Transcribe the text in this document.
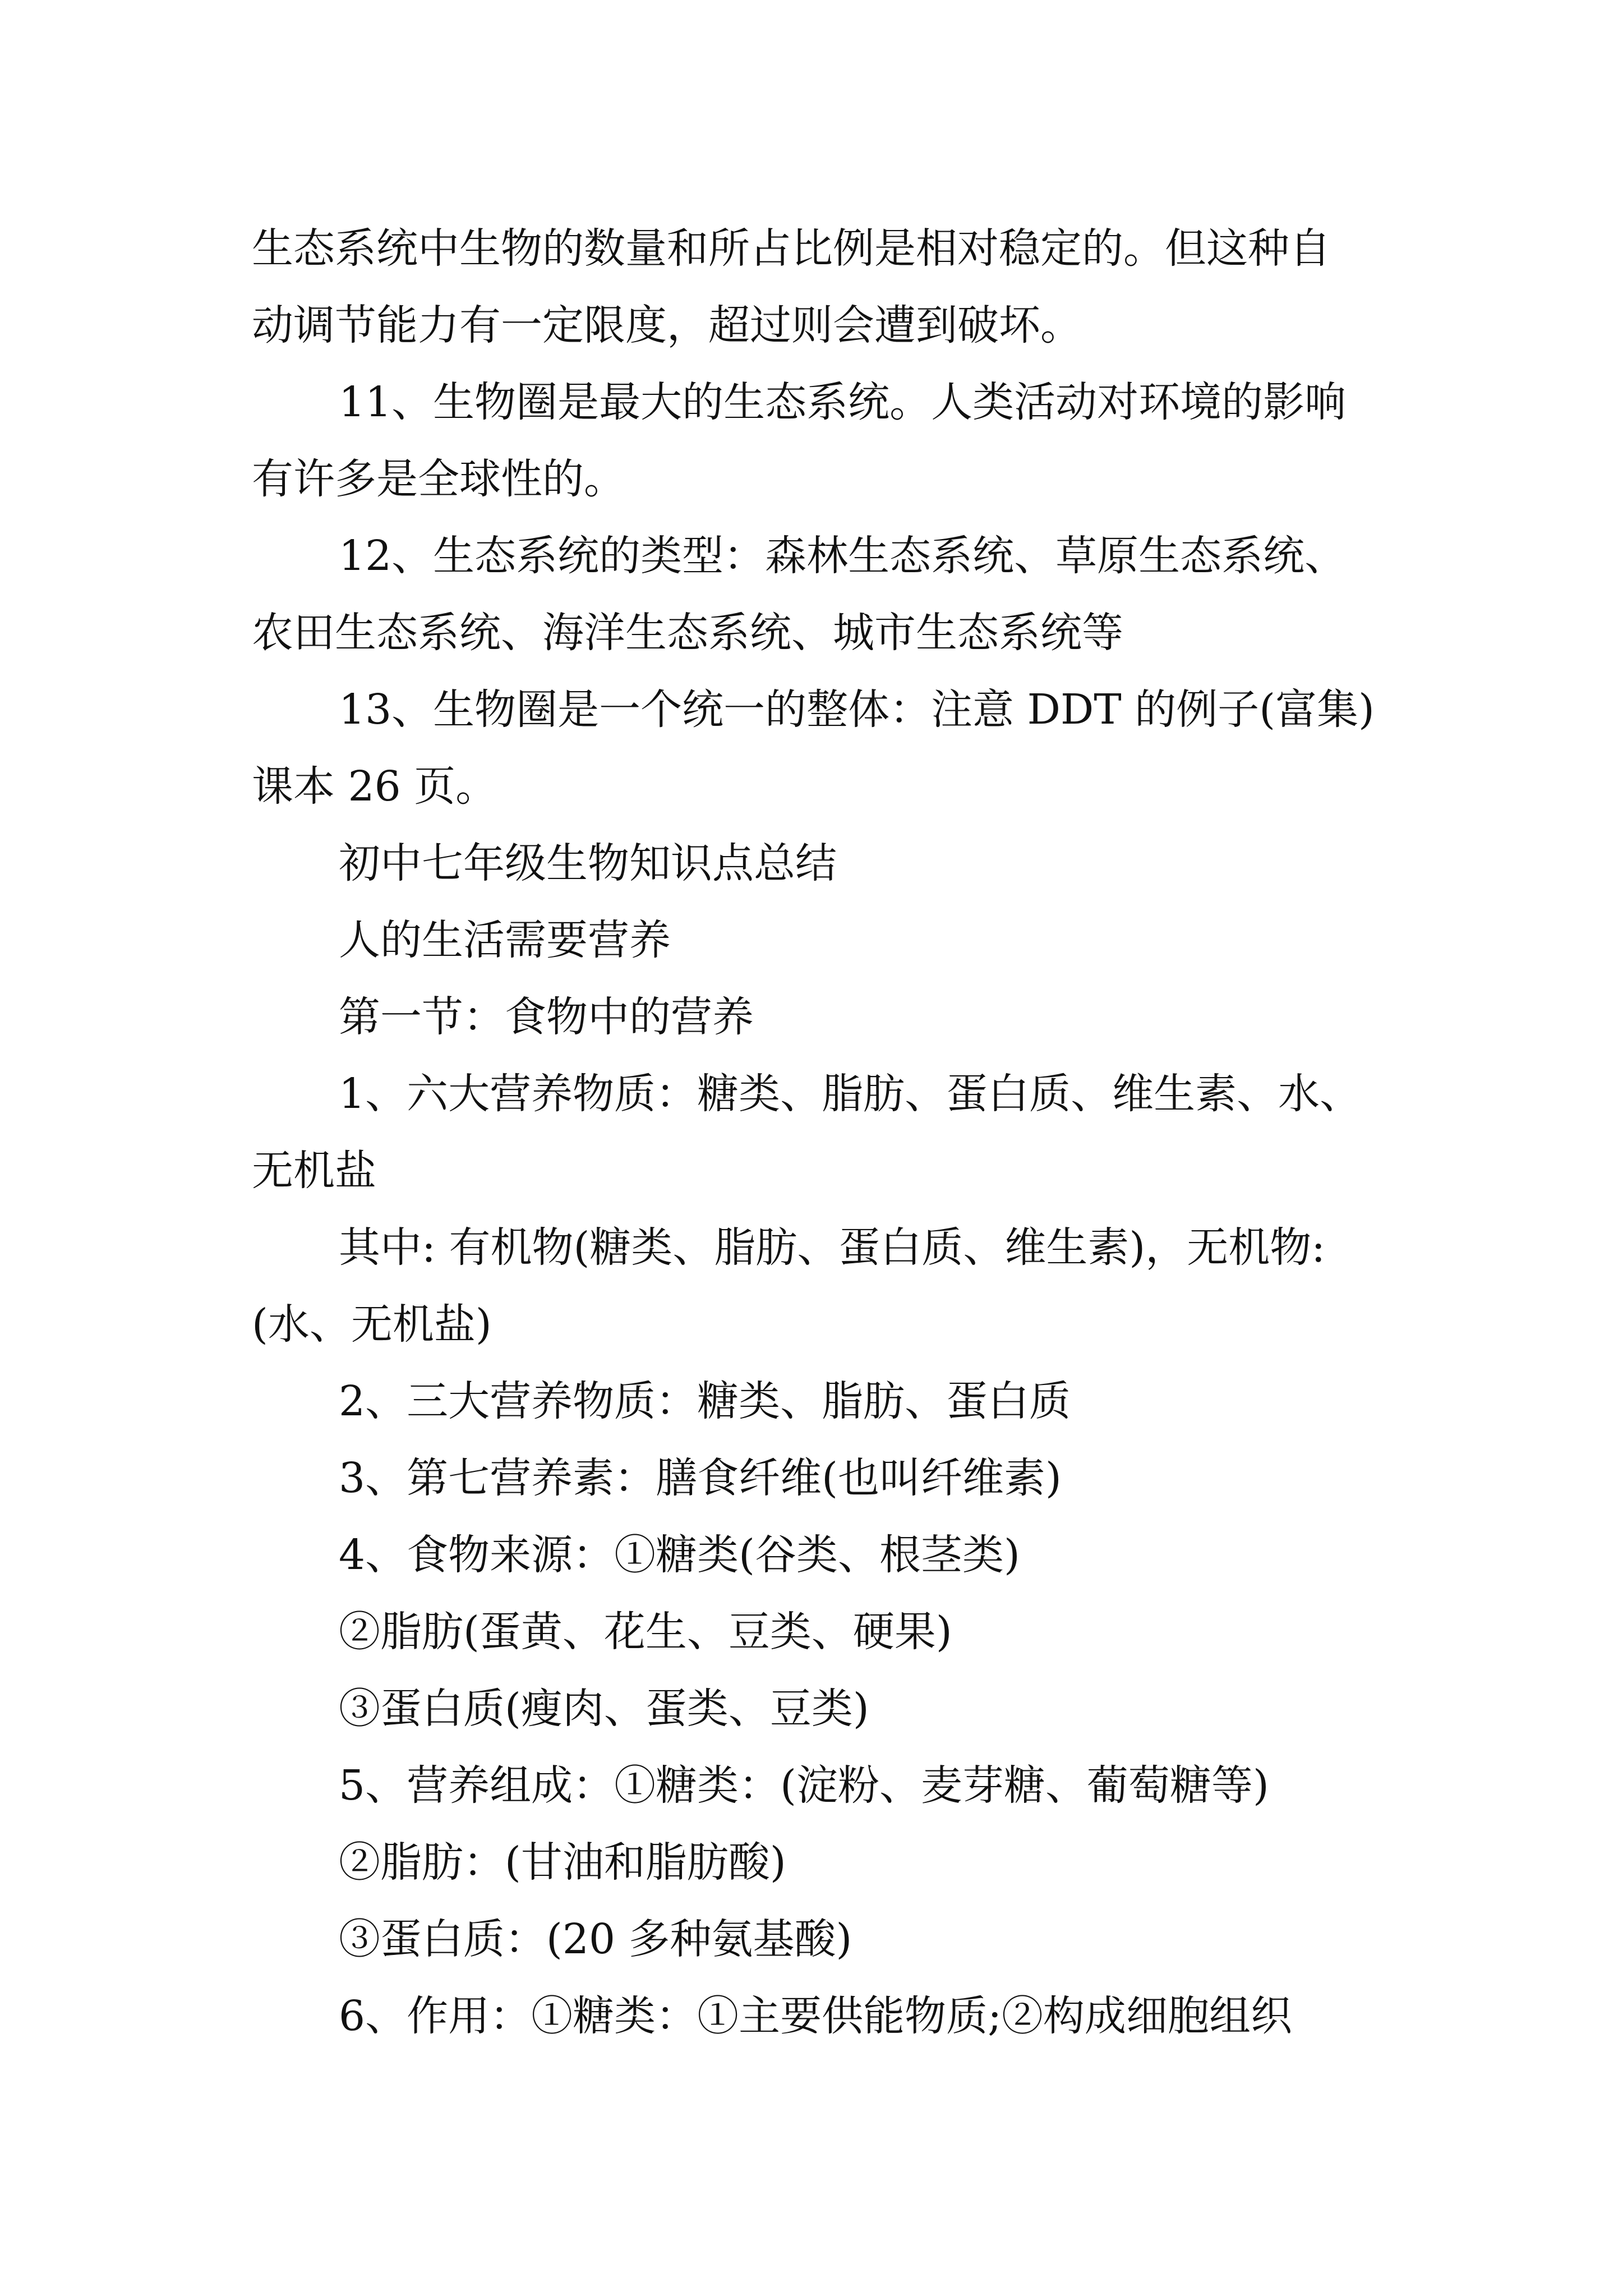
生态系统中生物的数量和所占比例是相对稳定的。但这种自
动调节能力有一定限度，超过则会遭到破坏。
11、生物圈是最大的生态系统。人类活动对环境的影响
有许多是全球性的。
12、生态系统的类型：森林生态系统、草原生态系统、
农田生态系统、海洋生态系统、城市生态系统等
13、生物圈是一个统一的整体：注意 DDT 的例子(富集)
课本 26 页。
初中七年级生物知识点总结
人的生活需要营养
第一节：食物中的营养
1、六大营养物质：糖类、脂肪、蛋白质、维生素、水、
无机盐
其中: 有机物(糖类、脂肪、蛋白质、维生素)，无机物:
(水、无机盐)
2、三大营养物质：糖类、脂肪、蛋白质
3、第七营养素：膳食纤维(也叫纤维素)
4、食物来源：①糖类(谷类、根茎类)
②脂肪(蛋黄、花生、豆类、硬果)
③蛋白质(瘦肉、蛋类、豆类)
5、营养组成：①糖类：(淀粉、麦芽糖、葡萄糖等)
②脂肪：(甘油和脂肪酸)
③蛋白质：(20 多种氨基酸)
6、作用：①糖类：①主要供能物质;②构成细胞组织
